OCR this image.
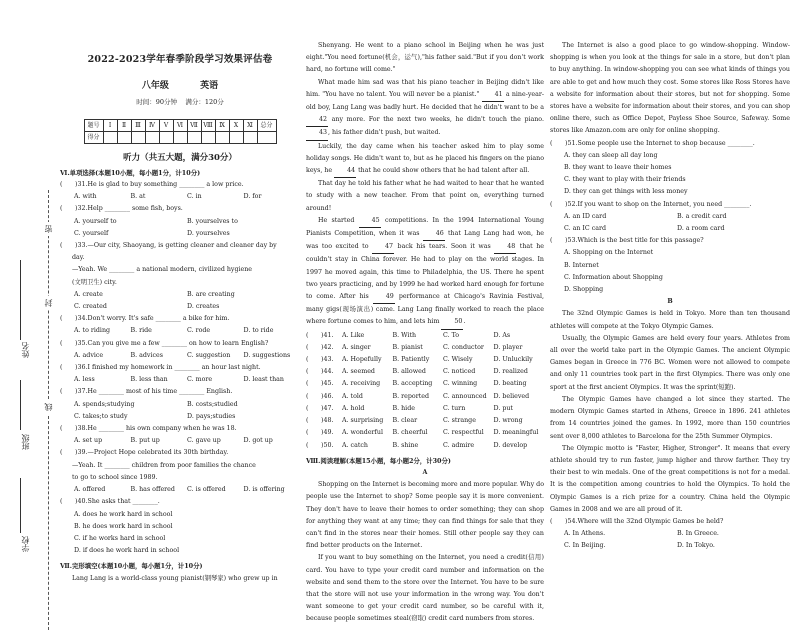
密
封
线
姓名
班级
学校
2022-2023学年春季阶段学习效果评估卷
八年级	英语
时间：90分钟 满分：120分
题号	Ⅰ	Ⅱ	Ⅲ	Ⅳ	Ⅴ	Ⅵ	Ⅶ	Ⅷ	Ⅸ	Ⅹ	Ⅺ	总分
得分												
听力（共五大题，满分30分）
Ⅵ.单项选择(本题10小题，每小题1分，计10分)
(　　)31.He is glad to buy something ________ a low price.
A. with	B. at	C. in	D. for
(　　)32.Help ________ some fish, boys.
A. yourself to	B. yourselves to
C. yourself	D. yourselves
(　　)33.—Our city, Shaoyang, is getting cleaner and cleaner day by
day.
—Yeah. We ________ a national modern, civilized hygiene
(文明卫生) city.
A. create	B. are creating
C. created	D. creates
(　　)34.Don't worry. It's safe ________ a bike for him.
A. to riding	B. ride	C. rode	D. to ride
(　　)35.Can you give me a few ________ on how to learn English?
A. advice	B. advices	C. suggestion	D. suggestions
(　　)36.I finished my homework in ________ an hour last night.
A. less	B. less than	C. more	D. least than
(　　)37.He ________ most of his time ________ English.
A. spends;studying	B. costs;studied
C. takes;to study	D. pays;studies
(　　)38.He ________ his own company when he was 18.
A. set up	B. put up	C. gave up	D. got up
(　　)39.—Project Hope celebrated its 30th birthday.
—Yeah. It ________ children from poor families the chance
to go to school since 1989.
A. offered	B. has offered	C. is offered	D. is offering
(　　)40.She asks that ________.
A. does he work hard in school
B. he does work hard in school
C. if he works hard in school
D. if does he work hard in school
Ⅶ.完形填空(本题10小题，每小题1分，计10分)
Lang Lang is a world-class young pianist(钢琴家) who grew up in
Shenyang. He went to a piano school in Beijing when he was just eight."You need fortune(机会，运气),"his father said."But if you don't work hard, no fortune will come."
What made him sad was that his piano teacher in Beijing didn't like him. "You have no talent. You will never be a pianist." 41 a nine-year-old boy, Lang Lang was badly hurt. He decided that he didn't want to be a 42 any more. For the next two weeks, he didn't touch the piano. 43, his father didn't push, but waited.
Luckily, the day came when his teacher asked him to play some holiday songs. He didn't want to, but as he placed his fingers on the piano keys, he 44 that he could show others that he had talent after all.
That day he told his father what he had waited to hear that he wanted to study with a new teacher. From that point on, everything turned around!
He started 45 competitions. In the 1994 International Young Pianists Competition, when it was 46 that Lang Lang had won, he was too excited to 47 back his tears. Soon it was 48 that he couldn't stay in China forever. He had to play on the world stages. In 1997 he moved again, this time to Philadelphia, the US. There he spent two years practicing, and by 1999 he had worked hard enough for fortune to come. After his 49 performance at Chicago's Ravinia Festival, many gigs(现场演出) came. Lang Lang finally worked to reach the place where fortune comes to him, and lets him 50.
(　　)41.	A. Like	B. With	C. To	D. As
(　　)42.	A. singer	B. pianist	C. conductor	D. player
(　　)43.	A. Hopefully	B. Patiently	C. Wisely	D. Unluckily
(　　)44.	A. seemed	B. allowed	C. noticed	D. realized
(　　)45.	A. receiving	B. accepting	C. winning	D. beating
(　　)46.	A. told	B. reported	C. announced	D. believed
(　　)47.	A. hold	B. hide	C. turn	D. put
(　　)48.	A. surprising	B. clear	C. strange	D. wrong
(　　)49.	A. wonderful	B. cheerful	C. respectful	D. meaningful
(　　)50.	A. catch	B. shine	C. admire	D. develop
Ⅷ.阅读理解(本题15小题，每小题2分，计30分)
A
Shopping on the Internet is becoming more and more popular. Why do people use the Internet to shop? Some people say it is more convenient. They don't have to leave their homes to order something; they can shop for anything they want at any time; they can find things for sale that they can't find in the stores near their homes. Still other people say they can find better products on the Internet.
If you want to buy something on the Internet, you need a credit(信用) card. You have to type your credit card number and information on the website and send them to the store over the Internet. You have to be sure that the store will not use your information in the wrong way. You don't want someone to get your credit card number, so be careful with it, because people sometimes steal(窃取) credit card numbers from stores.
The Internet is also a good place to go window-shopping. Window-shopping is when you look at the things for sale in a store, but don't plan to buy anything. In window-shopping you can see what kinds of things you are able to get and how much they cost. Some stores like Ross Stores have a website for information about their stores, but not for shopping. Some stores have a website for information about their stores, and you can shop online there, such as Office Depot, Payless Shoe Source, Safeway. Some stores like Amazon.com are only for online shopping.
(　　)51.Some people use the Internet to shop because ________.
A. they can sleep all day long
B. they want to leave their homes
C. they want to play with their friends
D. they can get things with less money
(　　)52.If you want to shop on the Internet, you need ________.
A. an ID card	B. a credit card
C. an IC card	D. a room card
(　　)53.Which is the best title for this passage?
A. Shopping on the Internet
B. Internet
C. Information about Shopping
D. Shopping
B
The 32nd Olympic Games is held in Tokyo. More than ten thousand athletes will compete at the Tokyo Olympic Games.
Usually, the Olympic Games are held every four years. Athletes from all over the world take part in the Olympic Games. The ancient Olympic Games began in Greece in 776 BC. Women were not allowed to compete and only 11 countries took part in the first Olympics. There was only one sport at the first ancient Olympics. It was the sprint(短跑).
The Olympic Games have changed a lot since they started. The modern Olympic Games started in Athens, Greece in 1896. 241 athletes from 14 countries joined the games. In 1992, more than 150 countries sent over 8,000 athletes to Barcelona for the 25th Summer Olympics.
The Olympic motto is "Faster, Higher, Stronger". It means that every athlete should try to run faster, jump higher and throw farther. They try their best to win medals. One of the great competitions is not for a medal. It is the competition among countries to hold the Olympics. To hold the Olympic Games is a rich prize for a country. China held the Olympic Games in 2008 and we are all proud of it.
(　　)54.Where will the 32nd Olympic Games be held?
A. In Athens.	B. In Greece.
C. In Beijing.	D. In Tokyo.
